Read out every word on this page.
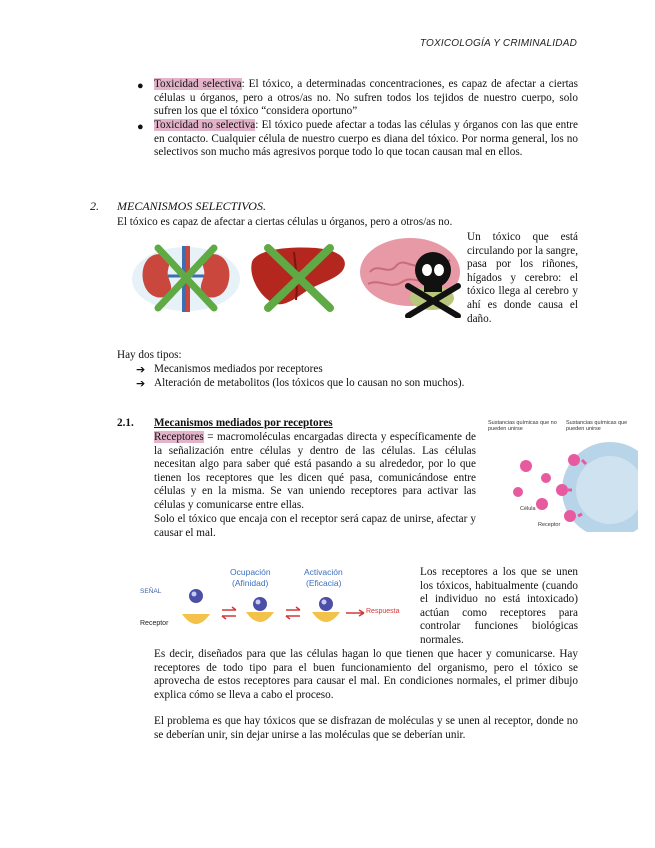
TOXICOLOGÍA Y CRIMINALIDAD
● Toxicidad selectiva: El tóxico, a determinadas concentraciones, es capaz de afectar a ciertas células u órganos, pero a otros/as no. No sufren todos los tejidos de nuestro cuerpo, solo sufren los que el tóxico “considera oportuno”

● Toxicidad no selectiva: El tóxico puede afectar a todas las células y órganos con las que entre en contacto. Cualquier célula de nuestro cuerpo es diana del tóxico. Por norma general, los no selectivos son mucho más agresivos porque todo lo que tocan causan mal en ellos.

2. MECANISMOS SELECTIVOS.

El tóxico es capaz de afectar a ciertas células u órganos, pero a otros/as no.

Un tóxico que está circulando por la sangre, pasa por los riñones, hígados y cerebro: el tóxico llega al cerebro y ahí es donde causa el daño.

Hay dos tipos:

➔ Mecanismos mediados por receptores

➔ Alteración de metabolitos (los tóxicos que lo causan no son muchos).

2.1. Mecanismos mediados por receptores

Receptores = macromoléculas encargadas directa y específicamente de la señalización entre células y dentro de las células. Las células necesitan algo para saber qué está pasando a su alrededor, por lo que tienen los receptores que les dicen qué pasa, comunicándose entre células y en la misma. Se van uniendo receptores para activar las células y comunicarse entre ellas.

Solo el tóxico que encaja con el receptor será capaz de unirse, afectar y causar el mal.

Sustancias químicas que no pueden unirse
Sustancias químicas que pueden unirse
Célula
Receptor
SEÑAL
Receptor
Ocupación
(Afinidad)
Activación
(Eficacia)
Respuesta

Los receptores a los que se unen los tóxicos, habitualmente (cuando el individuo no está intoxicado) actúan como receptores para controlar funciones biológicas normales.

Es decir, diseñados para que las células hagan lo que tienen que hacer y comunicarse. Hay receptores de todo tipo para el buen funcionamiento del organismo, pero el tóxico se aprovecha de estos receptores para causar el mal. En condiciones normales, el primer dibujo explica cómo se lleva a cabo el proceso.

El problema es que hay tóxicos que se disfrazan de moléculas y se unen al receptor, donde no se deberían unir, sin dejar unirse a las moléculas que se deberían unir.
